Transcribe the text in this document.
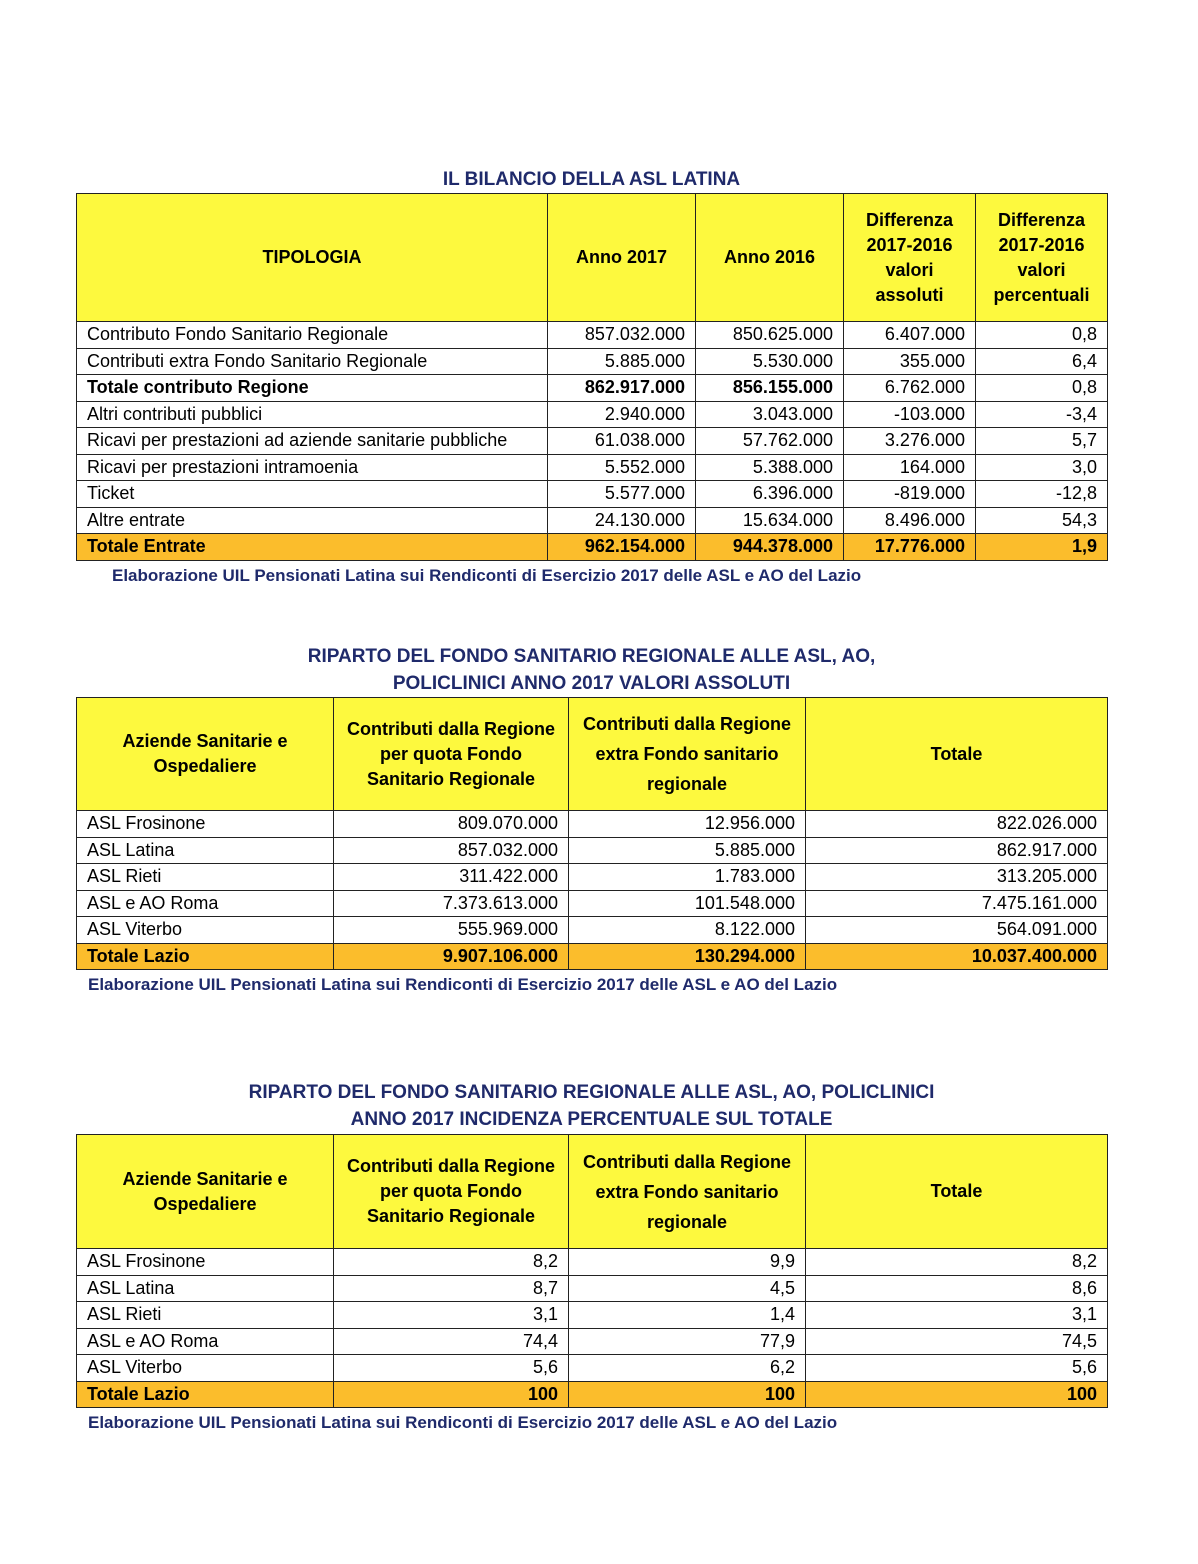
IL BILANCIO DELLA ASL LATINA
TIPOLOGIA	Anno 2017	Anno 2016	Differenza 2017-2016 valori assoluti	Differenza 2017-2016 valori percentuali
Contributo Fondo Sanitario Regionale	857.032.000	850.625.000	6.407.000	0,8
Contributi extra Fondo Sanitario Regionale	5.885.000	5.530.000	355.000	6,4
Totale contributo Regione	862.917.000	856.155.000	6.762.000	0,8
Altri contributi pubblici	2.940.000	3.043.000	-103.000	-3,4
Ricavi per prestazioni ad aziende sanitarie pubbliche	61.038.000	57.762.000	3.276.000	5,7
Ricavi per prestazioni intramoenia	5.552.000	5.388.000	164.000	3,0
Ticket	5.577.000	6.396.000	-819.000	-12,8
Altre entrate	24.130.000	15.634.000	8.496.000	54,3
Totale Entrate	962.154.000	944.378.000	17.776.000	1,9
Elaborazione UIL Pensionati Latina sui Rendiconti di Esercizio 2017 delle ASL e AO del Lazio
RIPARTO DEL FONDO SANITARIO REGIONALE ALLE ASL, AO,
POLICLINICI ANNO 2017 VALORI ASSOLUTI
Aziende Sanitarie e Ospedaliere	Contributi dalla Regione per quota Fondo Sanitario Regionale	Contributi dalla Regione extra Fondo sanitario regionale	Totale
ASL Frosinone	809.070.000	12.956.000	822.026.000
ASL Latina	857.032.000	5.885.000	862.917.000
ASL Rieti	311.422.000	1.783.000	313.205.000
ASL e AO Roma	7.373.613.000	101.548.000	7.475.161.000
ASL Viterbo	555.969.000	8.122.000	564.091.000
Totale Lazio	9.907.106.000	130.294.000	10.037.400.000
Elaborazione UIL Pensionati Latina sui Rendiconti di Esercizio 2017 delle ASL e AO del Lazio
RIPARTO DEL FONDO SANITARIO REGIONALE ALLE ASL, AO, POLICLINICI
ANNO 2017 INCIDENZA PERCENTUALE SUL TOTALE
Aziende Sanitarie e Ospedaliere	Contributi dalla Regione per quota Fondo Sanitario Regionale	Contributi dalla Regione extra Fondo sanitario regionale	Totale
ASL Frosinone	8,2	9,9	8,2
ASL Latina	8,7	4,5	8,6
ASL Rieti	3,1	1,4	3,1
ASL e AO Roma	74,4	77,9	74,5
ASL Viterbo	5,6	6,2	5,6
Totale Lazio	100	100	100
Elaborazione UIL Pensionati Latina sui Rendiconti di Esercizio 2017 delle ASL e AO del Lazio
